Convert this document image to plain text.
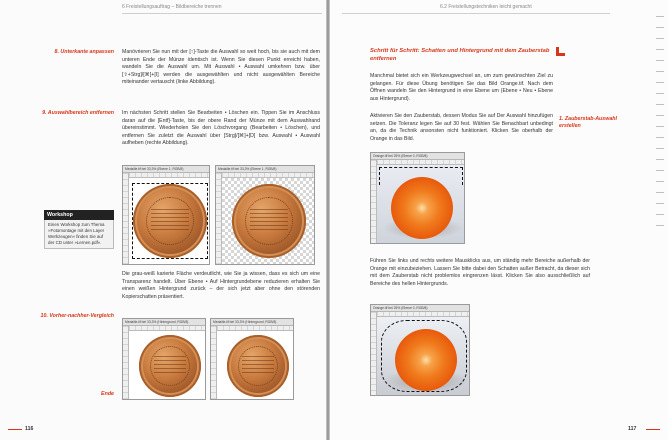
6 Freistellungsauftrag – Bildbereiche trennen
8. Unterkante anpassen Manövrieren Sie nun mit der [↑]-Taste die Auswahl so weit hoch, bis sie auch mit dem unteren Ende der Münze identisch ist. Wenn Sie diesen Punkt erreicht haben, wandeln Sie die Auswahl um. Mit Auswahl • Auswahl umkehren bzw. über [⇧+Strg]/[⌘]+[I] werden die ausgewählten und nicht ausgewählten Bereiche miteinander vertauscht (linke Abbildung).
9. Auswahlbereich entfernen Im nächsten Schritt stellen Sie Bearbeiten • Löschen ein. Tippen Sie im Anschluss daran auf die [Entf]-Taste, bis der obere Rand der Münze mit dem Auswahlrand übereinstimmt. Wiederholen Sie den Löschvorgang (Bearbeiten • Löschen), und entfernen Sie zuletzt die Auswahl über [Strg]/[⌘]+[D] bzw. Auswahl • Auswahl aufheben (rechte Abbildung).
Medaille.tif bei 33,3% (Ebene 1, RGB/8)	Medaille.tif bei 33,3% (Ebene 1, RGB/8)
Workshop
Einen Workshop zum Thema »Fotomontage mit den Layer Werkzeugen« finden Sie auf der CD unter »Lernen.pdf«.
Die grau-weiß karierte Fläche verdeutlicht, wie Sie ja wissen, dass es sich um eine Transparenz handelt. Über Ebene • Auf Hintergrundebene reduzieren erhalten Sie einen weißen Hintergrund zurück – der sich jetzt aber ohne den störenden Kopierschatten präsentiert.
10. Vorher-nachher-Vergleich
Medaille.tif bei 33,3% (Hintergrund, RGB/8)	Medaille.tif bei 33,3% (Hintergrund, RGB/8)
Ende
116
6.2 Freistellungstechniken leicht gemacht
Schritt für Schritt: Schatten und Hintergrund mit dem Zauberstab entfernen
Manchmal bietet sich ein Werkzeugwechsel an, um zum gewünschten Ziel zu gelangen. Für diese Übung benötigen Sie das Bild Orange.tif. Nach dem Öffnen wandeln Sie den Hintergrund in eine Ebene um (Ebene • Neu • Ebene aus Hintergrund).
Aktivieren Sie den Zauberstab, dessen Modus Sie auf Der Auswahl hinzufügen setzen. Die Toleranz legen Sie auf 30 fest. Wählen Sie Benachbart unbedingt an, da die Technik ansonsten nicht funktioniert. Klicken Sie oberhalb der Orange in das Bild.
1. Zauberstab-Auswahl erstellen
Orange.tif bei 25% (Ebene 0, RGB/8)
Führen Sie links und rechts weitere Mausklicks aus, um ständig mehr Bereiche außerhalb der Orange mit einzubeziehen. Lassen Sie bitte dabei den Schatten außer Betracht, da dieser sich mit dem Zauberstab nicht problemlos eingrenzen lässt. Klicken Sie also ausschließlich auf Bereiche des hellen Hintergrunds.
Orange.tif bei 25% (Ebene 0, RGB/8)
117
